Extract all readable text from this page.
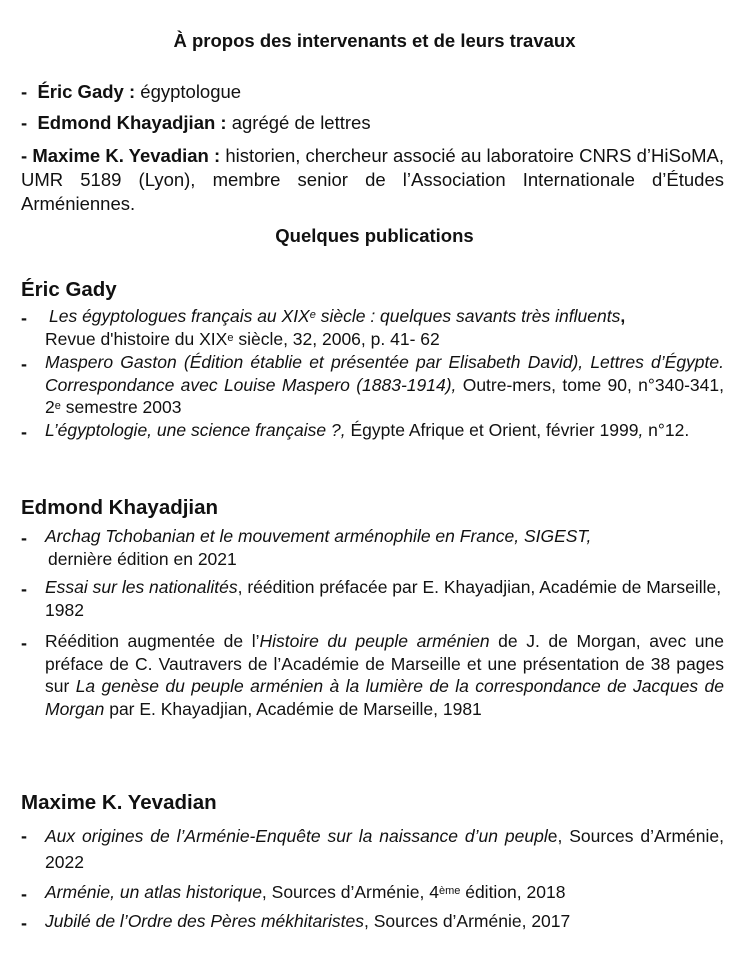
À propos des intervenants et de leurs travaux
- Éric Gady : égyptologue
- Edmond Khayadjian : agrégé de lettres
- Maxime K. Yevadian : historien, chercheur associé au laboratoire CNRS d’HiSoMA, UMR 5189 (Lyon), membre senior de l’Association Internationale d’Études Arméniennes.
Quelques publications
Éric Gady
- Les égyptologues français au XIXe siècle : quelques savants très influents,
Revue d'histoire du XIXe siècle, 32, 2006, p. 41- 62
- Maspero Gaston (Édition établie et présentée par Elisabeth David), Lettres d’Égypte. Correspondance avec Louise Maspero (1883-1914), Outre-mers, tome 90, n°340-341, 2e semestre 2003
- L’égyptologie, une science française ?, Égypte Afrique et Orient, février 1999, n°12.
Edmond Khayadjian
- Archag Tchobanian et le mouvement arménophile en France, SIGEST,
dernière édition en 2021
- Essai sur les nationalités, réédition préfacée par E. Khayadjian, Académie de Marseille, 1982
- Réédition augmentée de l’Histoire du peuple arménien de J. de Morgan, avec une préface de C. Vautravers de l’Académie de Marseille et une présentation de 38 pages sur La genèse du peuple arménien à la lumière de la correspondance de Jacques de Morgan par E. Khayadjian, Académie de Marseille, 1981
Maxime K. Yevadian
- Aux origines de l’Arménie-Enquête sur la naissance d’un peuple, Sources d’Arménie, 2022
- Arménie, un atlas historique, Sources d’Arménie, 4ème édition, 2018
- Jubilé de l’Ordre des Pères mékhitaristes, Sources d’Arménie, 2017
